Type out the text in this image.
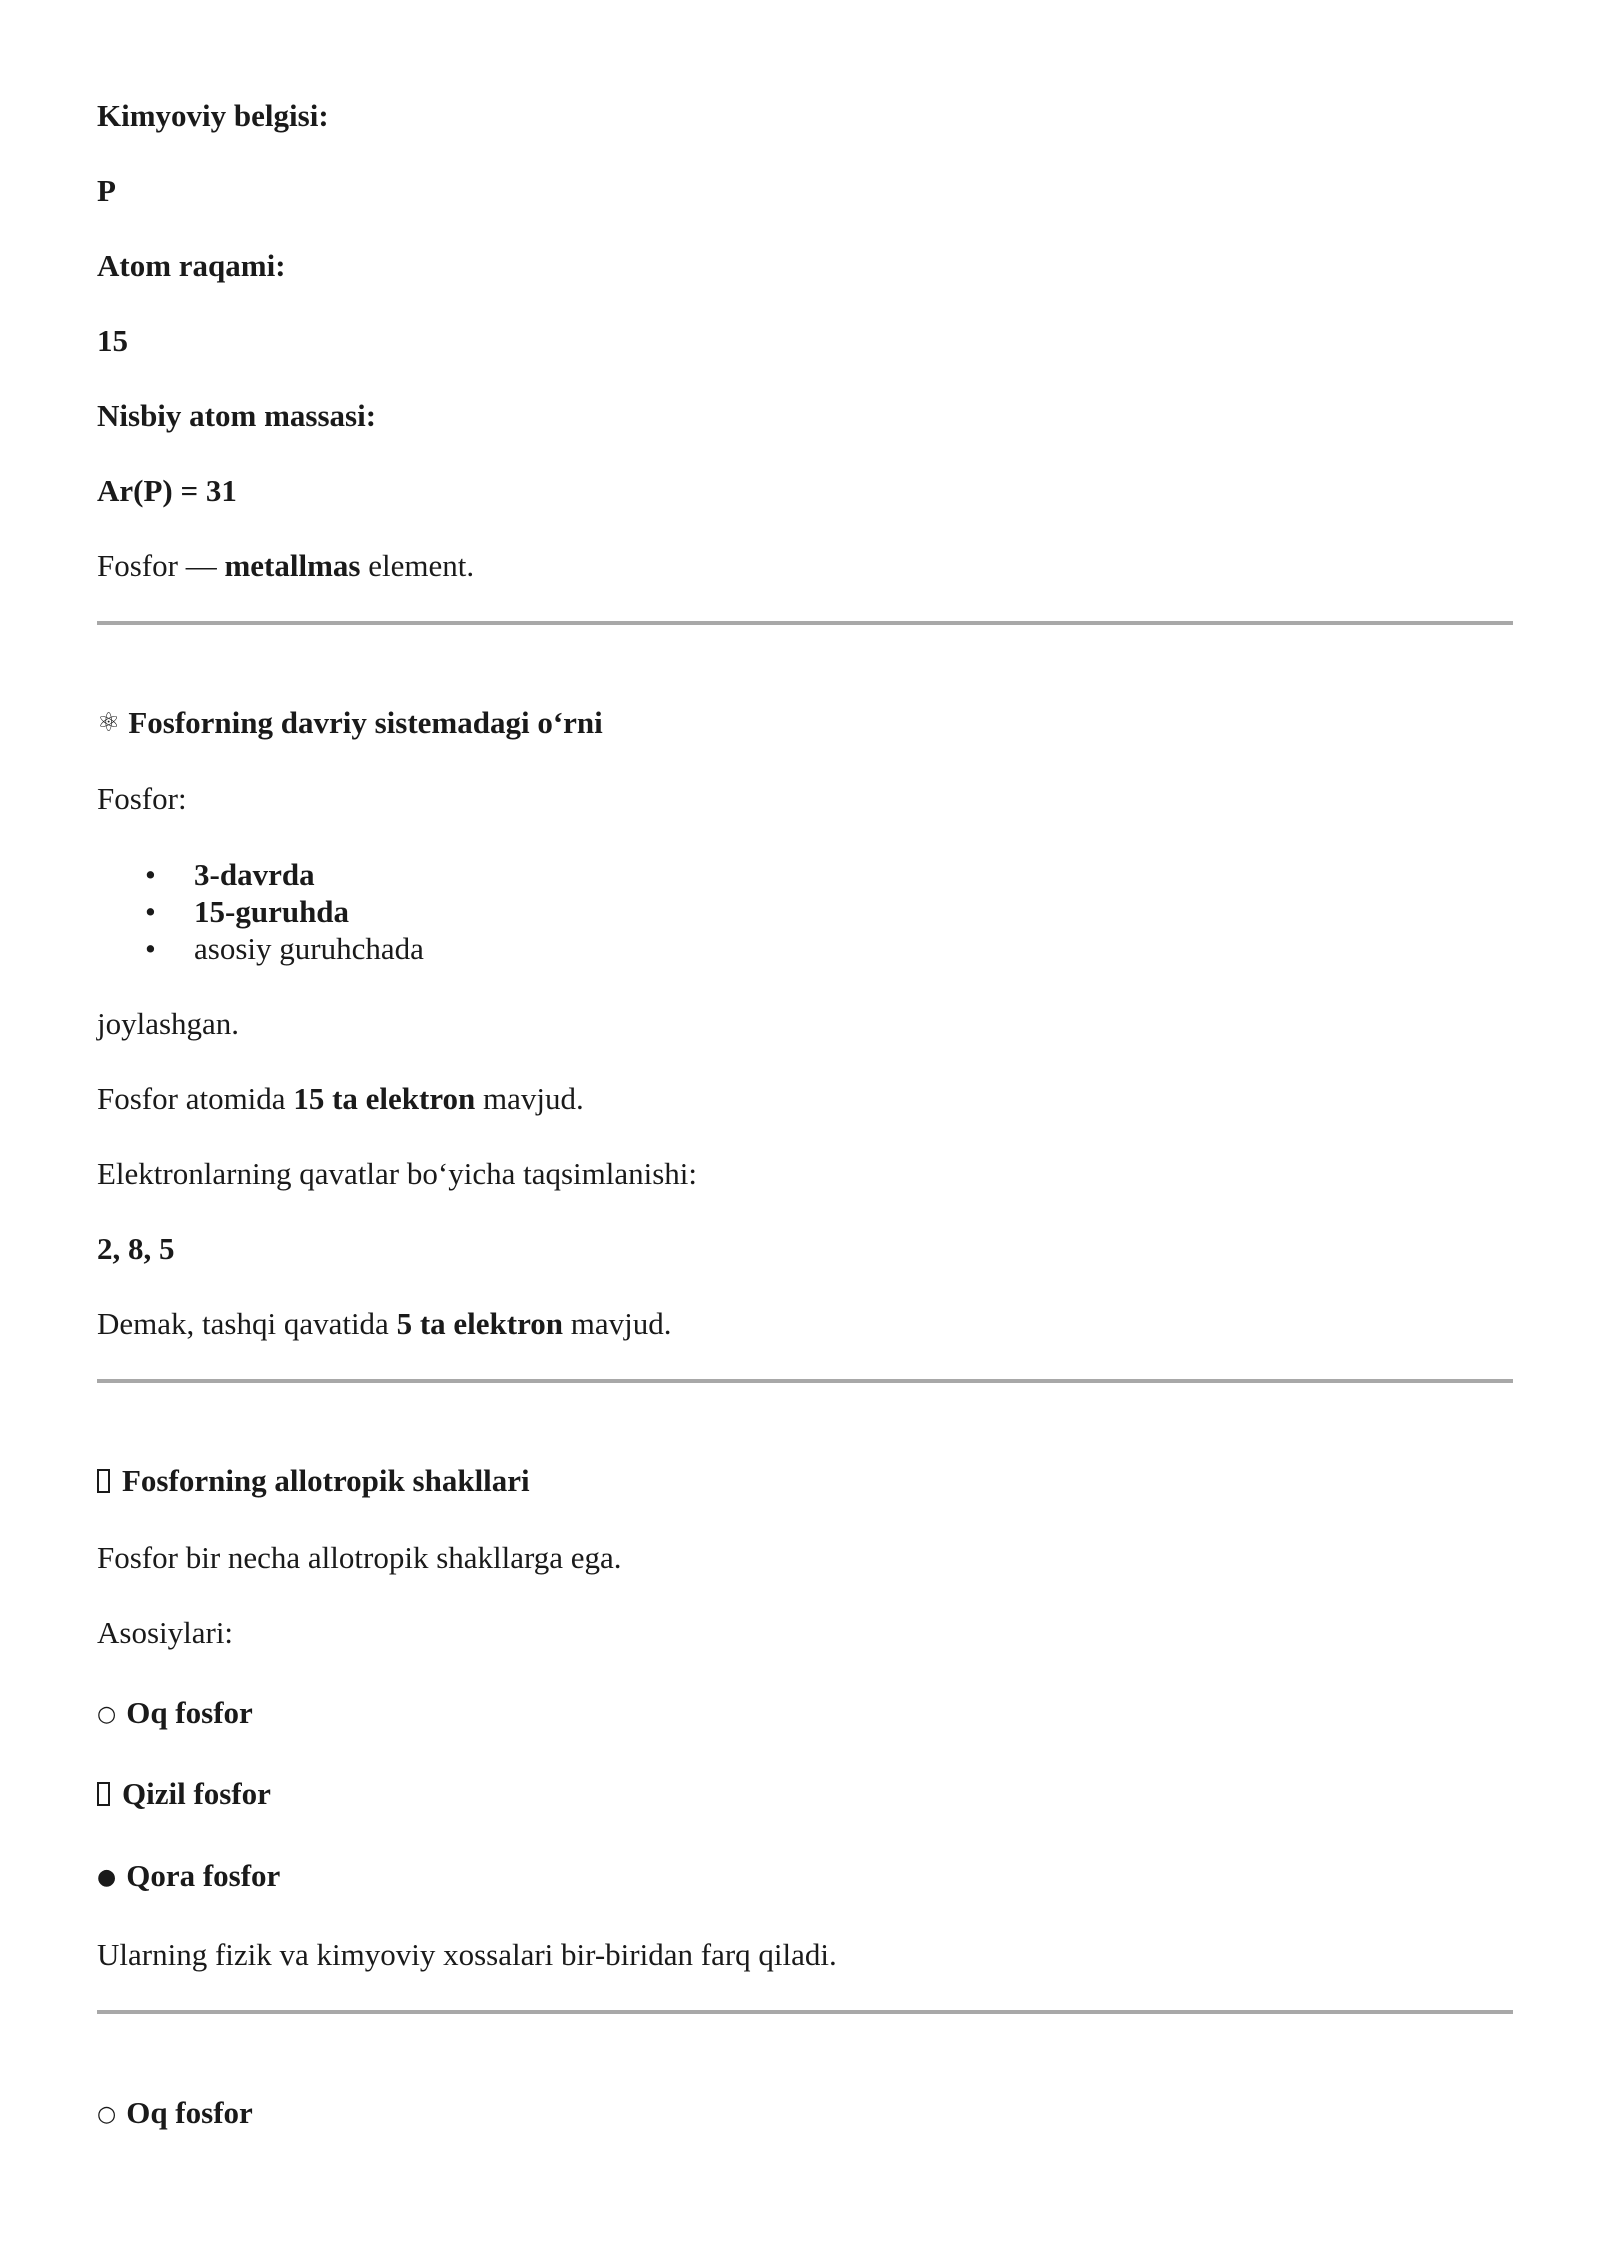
Kimyoviy belgisi:
P
Atom raqami:
15
Nisbiy atom massasi:
Ar(P) = 31
Fosfor — metallmas element.
⚛ Fosforning davriy sistemadagi o‘rni
Fosfor:
• 3-davrda
• 15-guruhda
• asosiy guruhchada
joylashgan.
Fosfor atomida 15 ta elektron mavjud.
Elektronlarning qavatlar bo‘yicha taqsimlanishi:
2, 8, 5
Demak, tashqi qavatida 5 ta elektron mavjud.
Fosforning allotropik shakllari
Fosfor bir necha allotropik shakllarga ega.
Asosiylari:
○ Oq fosfor
Qizil fosfor
● Qora fosfor
Ularning fizik va kimyoviy xossalari bir-biridan farq qiladi.
○ Oq fosfor
